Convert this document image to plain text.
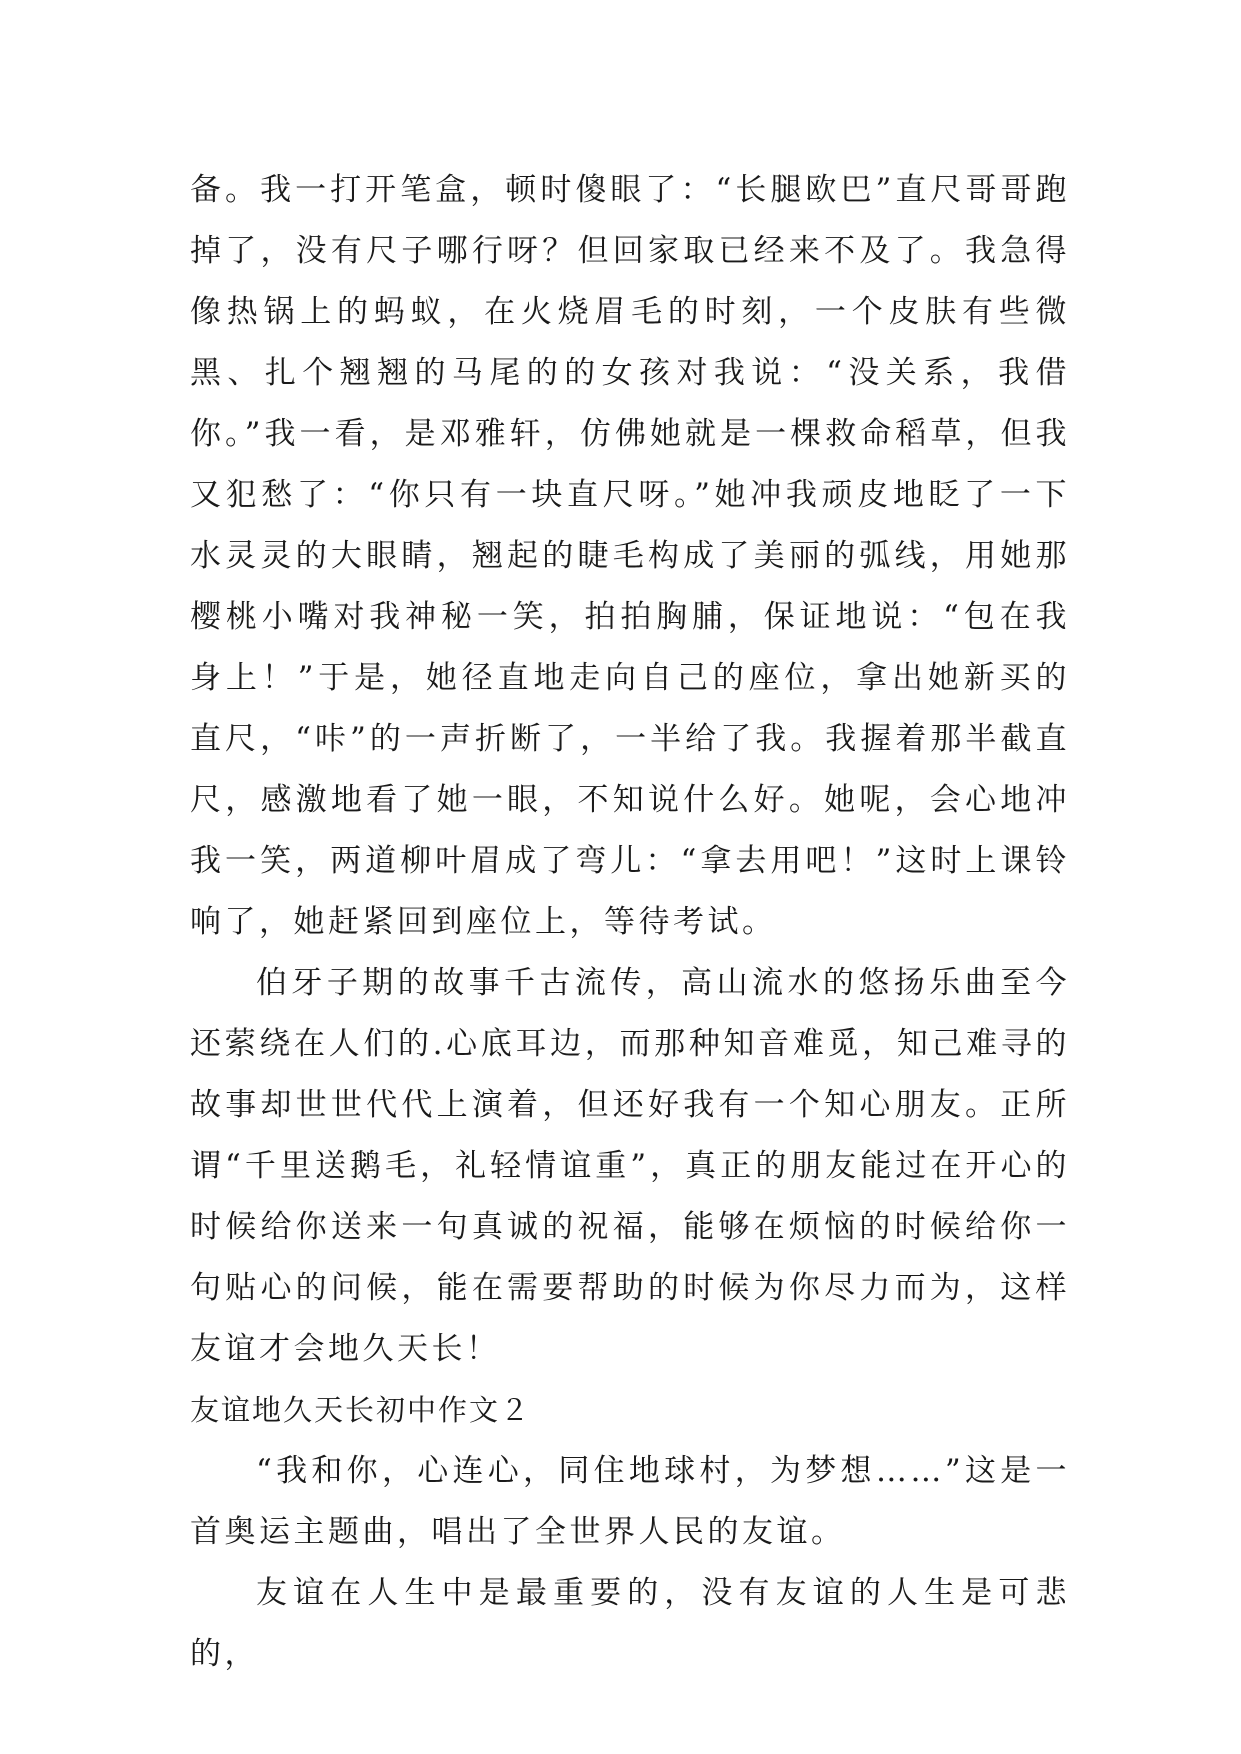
备。我一打开笔盒，顿时傻眼了：“长腿欧巴”直尺哥哥跑掉了，没有尺子哪行呀？但回家取已经来不及了。我急得像热锅上的蚂蚁，在火烧眉毛的时刻，一个皮肤有些微黑、扎个翘翘的马尾的的女孩对我说：“没关系，我借你。”我一看，是邓雅轩，仿佛她就是一棵救命稻草，但我又犯愁了：“你只有一块直尺呀。”她冲我顽皮地眨了一下水灵灵的大眼睛，翘起的睫毛构成了美丽的弧线，用她那樱桃小嘴对我神秘一笑，拍拍胸脯，保证地说：“包在我身上！”于是，她径直地走向自己的座位，拿出她新买的直尺，“咔”的一声折断了，一半给了我。我握着那半截直尺，感激地看了她一眼，不知说什么好。她呢，会心地冲我一笑，两道柳叶眉成了弯儿：“拿去用吧！”这时上课铃响了，她赶紧回到座位上，等待考试。

伯牙子期的故事千古流传，高山流水的悠扬乐曲至今还萦绕在人们的.心底耳边，而那种知音难觅，知己难寻的故事却世世代代上演着，但还好我有一个知心朋友。正所谓“千里送鹅毛，礼轻情谊重”，真正的朋友能过在开心的时候给你送来一句真诚的祝福，能够在烦恼的时候给你一句贴心的问候，能在需要帮助的时候为你尽力而为，这样友谊才会地久天长！

友谊地久天长初中作文２

“我和你，心连心，同住地球村，为梦想……”这是一首奥运主题曲，唱出了全世界人民的友谊。

友谊在人生中是最重要的，没有友谊的人生是可悲的，
